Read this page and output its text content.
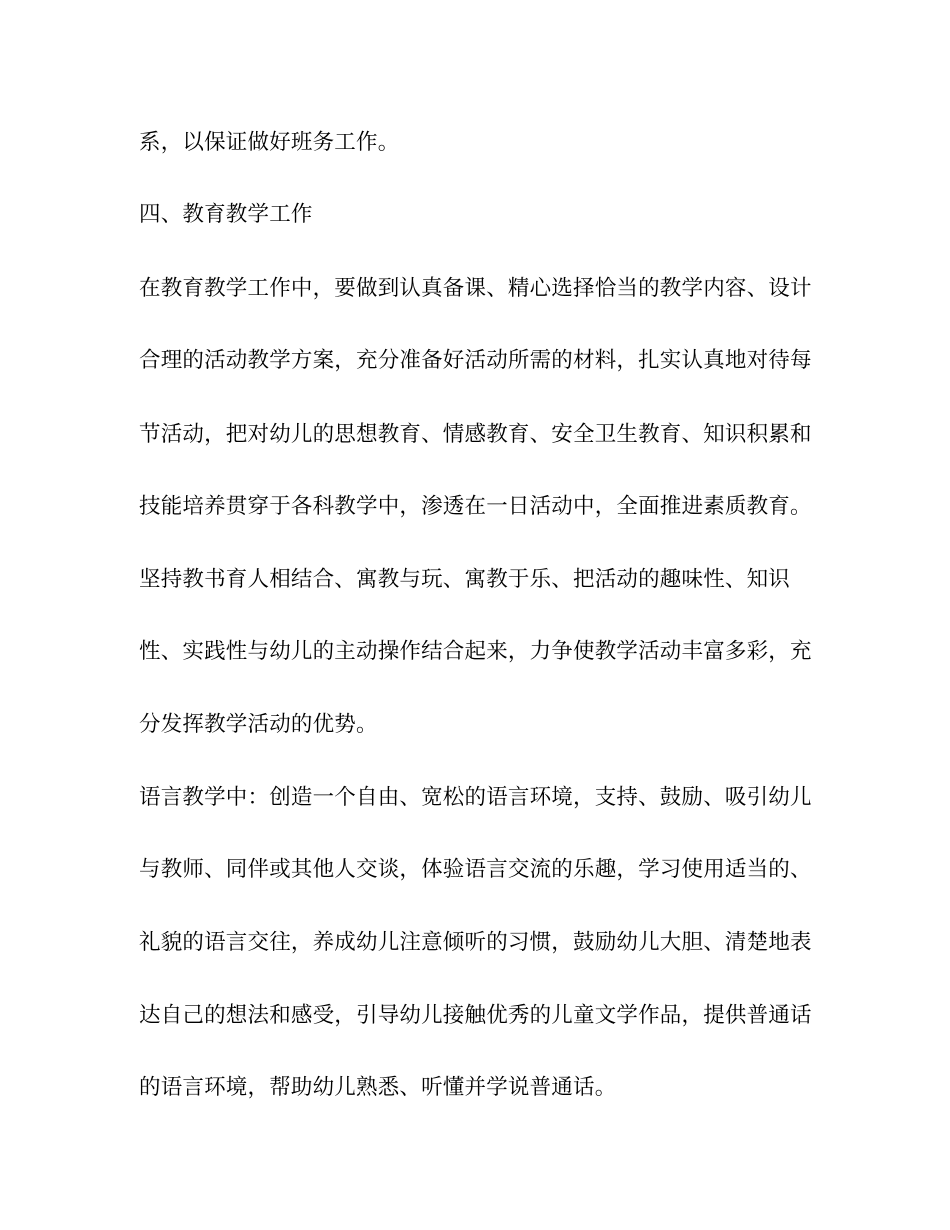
系，以保证做好班务工作。
四、教育教学工作
在教育教学工作中，要做到认真备课、精心选择恰当的教学内容、设计
合理的活动教学方案，充分准备好活动所需的材料，扎实认真地对待每
节活动，把对幼儿的思想教育、情感教育、安全卫生教育、知识积累和
技能培养贯穿于各科教学中，渗透在一日活动中，全面推进素质教育。
坚持教书育人相结合、寓教与玩、寓教于乐、把活动的趣味性、知识
性、实践性与幼儿的主动操作结合起来，力争使教学活动丰富多彩，充
分发挥教学活动的优势。
语言教学中：创造一个自由、宽松的语言环境，支持、鼓励、吸引幼儿
与教师、同伴或其他人交谈，体验语言交流的乐趣，学习使用适当的、
礼貌的语言交往，养成幼儿注意倾听的习惯，鼓励幼儿大胆、清楚地表
达自己的想法和感受，引导幼儿接触优秀的儿童文学作品，提供普通话
的语言环境，帮助幼儿熟悉、听懂并学说普通话。
